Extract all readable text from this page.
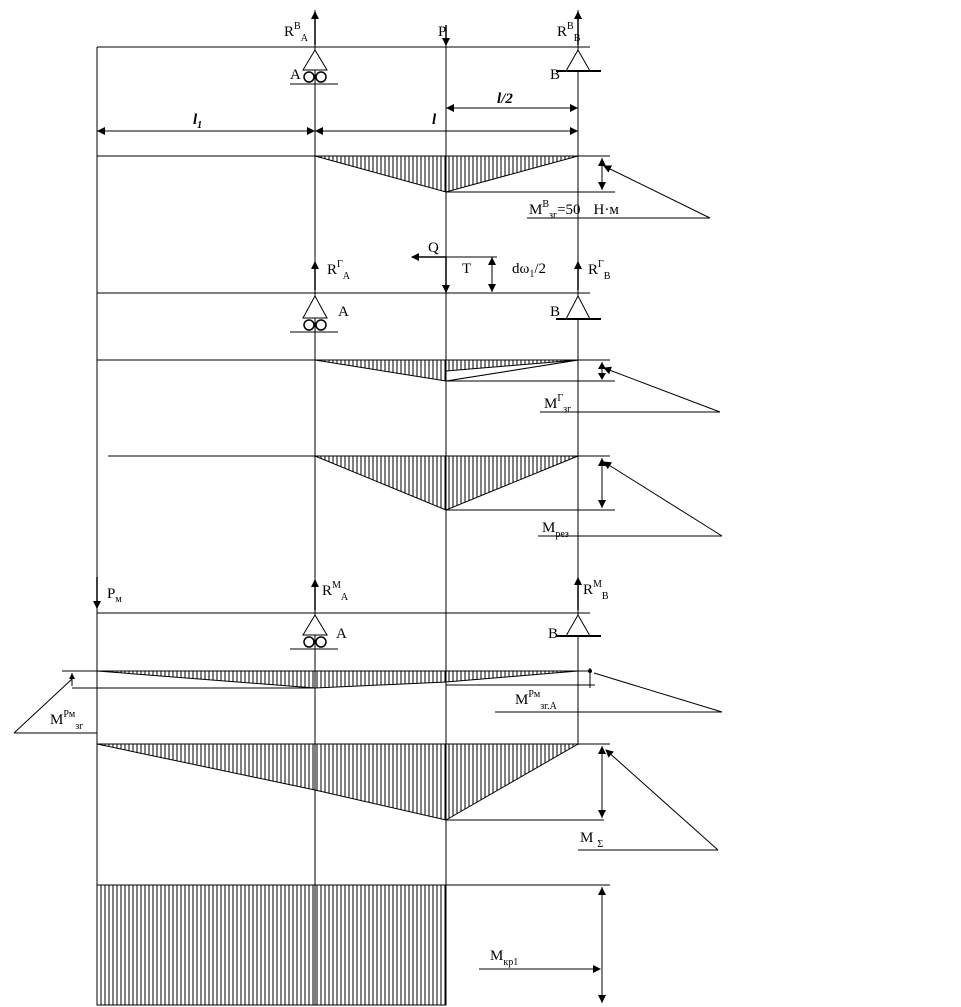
$R^В_A$	P	$R^В_B$
A	B
l/2
$l_1$	l
$M^В_{зг}=50$ Н·м
Q
T	$d\omega_1/2$
$R^Г_A$	$R^Г_B$
A	B
$M^Г_{зг}$
$M_{рез}$
$P_м$
$R^M_A$	$R^M_B$
A	B
$M^{Pм}_{зг.A}$
$M^{Pм}_{зг}$
M $_\Sigma$
$M_{кр1}$
